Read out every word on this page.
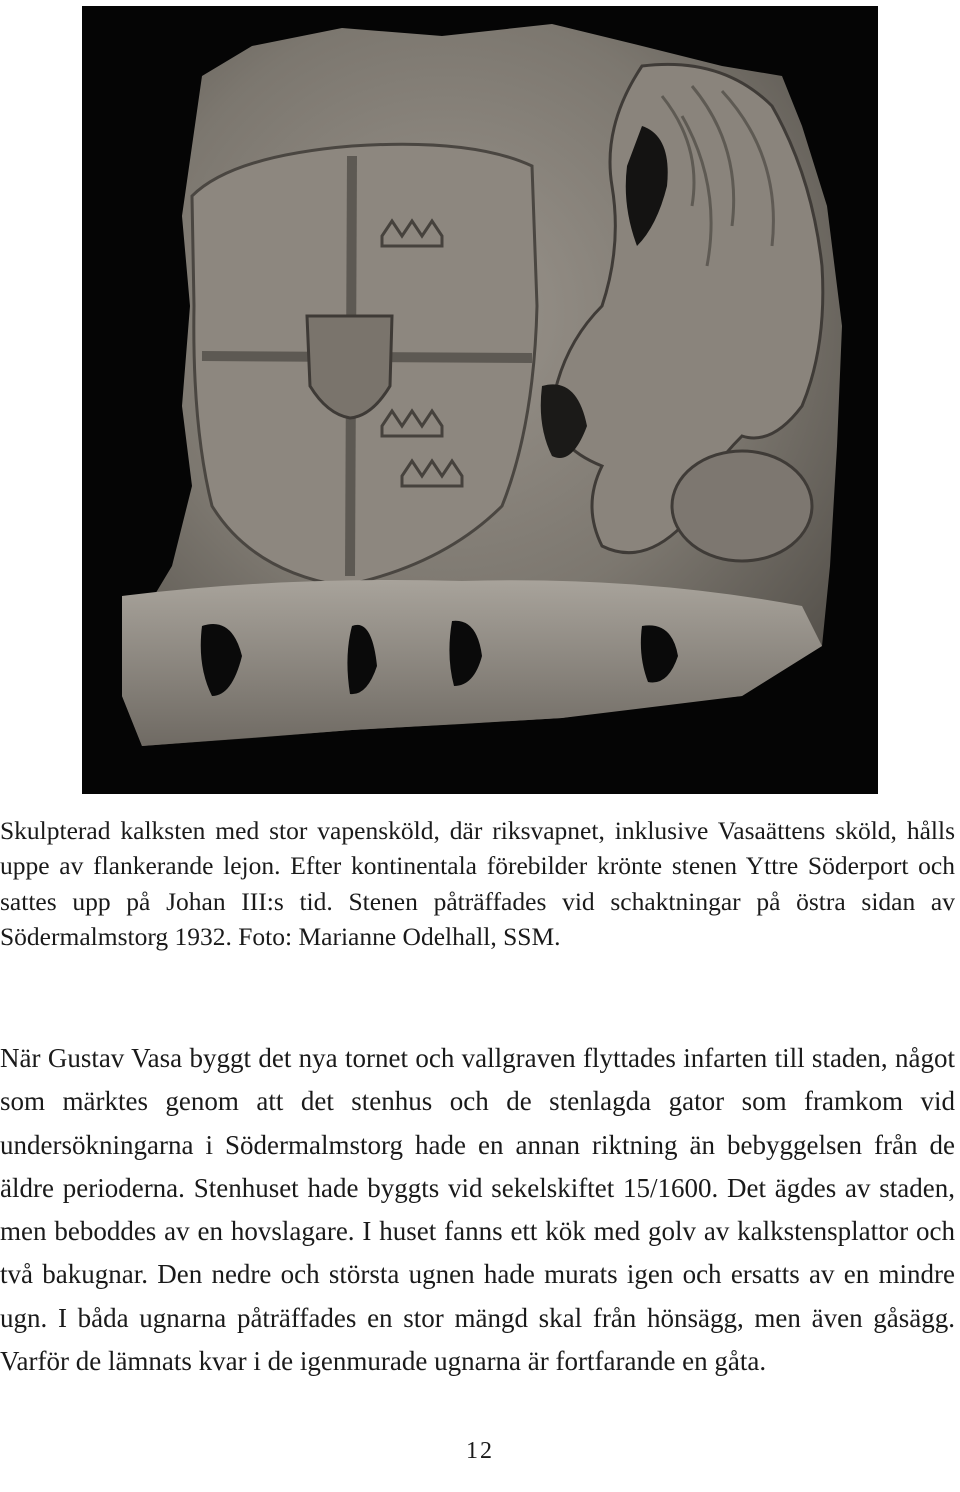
Skulpterad kalksten med stor vapensköld, där riksvapnet, inklusive Vasaättens sköld, hålls uppe av flankerande lejon. Efter kontinentala förebilder krönte stenen Yttre Söderport och sattes upp på Johan III:s tid. Stenen påträffades vid schaktningar på östra sidan av Södermalmstorg 1932. Foto: Marianne Odelhall, SSM.
När Gustav Vasa byggt det nya tornet och vallgraven flyttades infarten till staden, något som märktes genom att det stenhus och de stenlagda gator som framkom vid undersökningarna i Södermalmstorg hade en annan riktning än bebyggelsen från de äldre perioderna. Stenhuset hade byggts vid sekelskiftet 15/1600. Det ägdes av staden, men beboddes av en hovslagare. I huset fanns ett kök med golv av kalkstensplattor och två bakugnar. Den nedre och största ugnen hade murats igen och ersatts av en mindre ugn. I båda ugnarna påträffades en stor mängd skal från hönsägg, men även gåsägg. Varför de lämnats kvar i de igenmurade ugnarna är fortfarande en gåta.
12
